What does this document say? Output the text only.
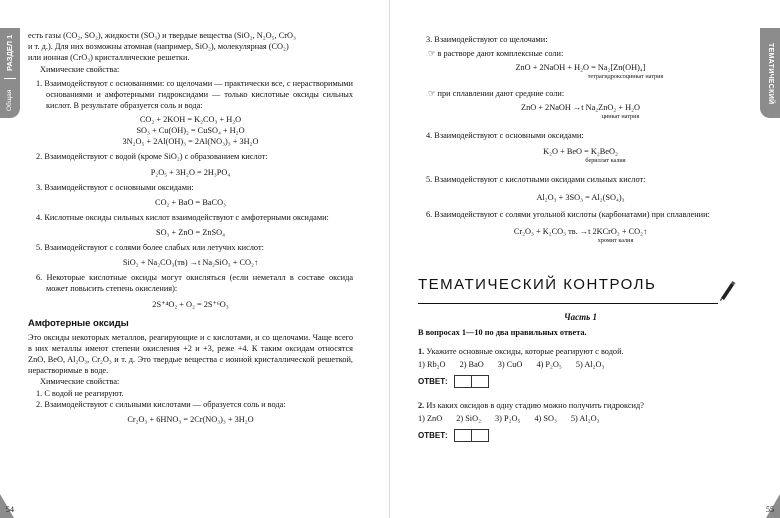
РАЗДЕЛ 1
Общая химия

есть газы (CO₂, SO₂), жидкости (SO₃) и твердые вещества (SiO₂, N₂O₅, CrO₃

и т. д.). Для них возможны атомная (например, SiO₂), молекулярная (CO₂)

или ионная (CrO₃) кристаллические решетки.

Химические свойства:

1. Взаимодействуют с основаниями: со щелочами — практически все, с нерастворимыми основаниями и амфотерными гидроксидами — только кислотные оксиды сильных кислот. В результате образуется соль и вода:

CO₂ + 2KOH = K₂CO₃ + H₂O

SO₃ + Cu(OH)₂ = CuSO₄ + H₂O

3N₂O₅ + 2Al(OH)₃ = 2Al(NO₃)₃ + 3H₂O

2. Взаимодействуют с водой (кроме SiO₂) с образованием кислот:

P₂O₅ + 3H₂O = 2H₃PO₄

3. Взаимодействуют с основными оксидами:

CO₂ + BaO = BaCO₃

4. Кислотные оксиды сильных кислот взаимодействуют с амфотерными оксидами:

SO₃ + ZnO = ZnSO₄

5. Взаимодействуют с солями более слабых или летучих кислот:

SiO₂ + Na₂CO₃(тв) →t Na₂SiO₃ + CO₂↑

6. Некоторые кислотные оксиды могут окисляться (если неметалл в составе оксида может повысить степень окисления):

2S⁺⁴O₂ + O₂ = 2S⁺⁶O₃

Амфотерные оксиды

Это оксиды некоторых металлов, реагирующие и с кислотами, и со щелочами. Чаще всего в них металлы имеют степени окисления +2 и +3, реже +4. К таким оксидам относятся ZnO, BeO, Al₂O₃, Cr₂O₃ и т. д. Это твердые вещества с ионной кристаллической решеткой, нерастворимые в воде.

Химические свойства:

1. С водой не реагируют.

2. Взаимодействуют с сильными кислотами — образуется соль и вода:

Cr₂O₃ + 6HNO₃ = 2Cr(NO₃)₃ + 3H₂O

54
ТЕМАТИЧЕСКИЙ КОНТРОЛЬ

3. Взаимодействуют со щелочами:

☞ в растворе дают комплексные соли:

ZnO + 2NaOH + H₂O = Na₂[Zn(OH)₄]

тетрагидроксоцинкат натрия

☞ при сплавлении дают средние соли:

ZnO + 2NaOH →t Na₂ZnO₂ + H₂O

цинкат натрия

4. Взаимодействуют с основными оксидами:

K₂O + BeO = K₂BeO₂

бериллат калия

5. Взаимодействуют с кислотными оксидами сильных кислот:

Al₂O₃ + 3SO₃ = Al₂(SO₄)₃

6. Взаимодействуют с солями угольной кислоты (карбонатами) при сплавлении:

Cr₂O₃ + K₂CO₃ тв. →t 2KCrO₂ + CO₂↑

хромит калия

ТЕМАТИЧЕСКИЙ КОНТРОЛЬ
Часть 1

В вопросах 1—10 по два правильных ответа.

1. Укажите основные оксиды, которые реагируют с водой.

1) Rb₂O 2) BaO 3) CuO 4) P₂O₅ 5) Al₂O₃
ОТВЕТ:

2. Из каких оксидов в одну стадию можно получить гидроксид?

1) ZnO 2) SiO₂ 3) P₂O₅ 4) SO₃ 5) Al₂O₃
ОТВЕТ:
55
